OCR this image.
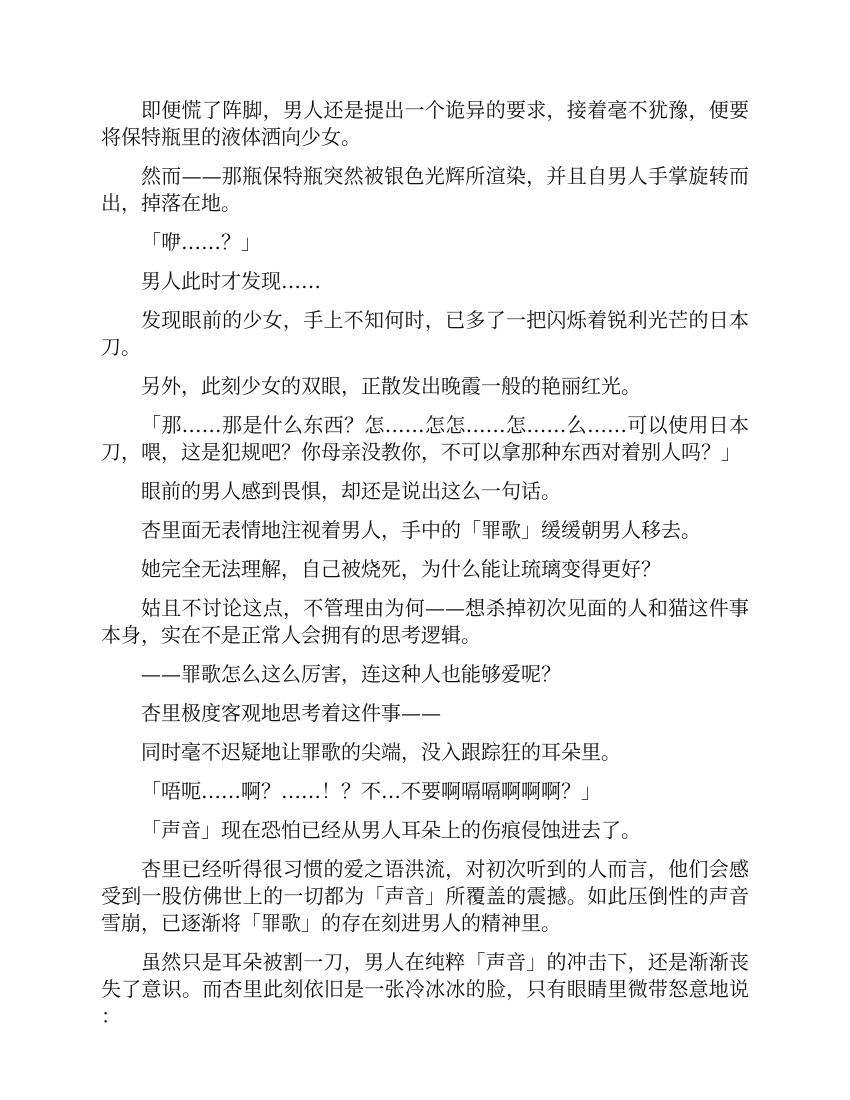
即便慌了阵脚，男人还是提出一个诡异的要求，接着毫不犹豫，便要将保特瓶里的液体洒向少女。

然而——那瓶保特瓶突然被银色光辉所渲染，并且自男人手掌旋转而出，掉落在地。

「咿……？」

男人此时才发现……

发现眼前的少女，手上不知何时，已多了一把闪烁着锐利光芒的日本刀。

另外，此刻少女的双眼，正散发出晚霞一般的艳丽红光。

「那……那是什么东西？怎……怎怎……怎……么……可以使用日本刀，喂，这是犯规吧？你母亲没教你，不可以拿那种东西对着别人吗？」

眼前的男人感到畏惧，却还是说出这么一句话。

杏里面无表情地注视着男人，手中的「罪歌」缓缓朝男人移去。

她完全无法理解，自己被烧死，为什么能让琉璃变得更好？

姑且不讨论这点，不管理由为何——想杀掉初次见面的人和猫这件事本身，实在不是正常人会拥有的思考逻辑。

——罪歌怎么这么厉害，连这种人也能够爱呢？

杏里极度客观地思考着这件事——

同时毫不迟疑地让罪歌的尖端，没入跟踪狂的耳朵里。

「唔呃……啊？……！？不…不要啊嗝嗝啊啊啊？」

「声音」现在恐怕已经从男人耳朵上的伤痕侵蚀进去了。

杏里已经听得很习惯的爱之语洪流，对初次听到的人而言，他们会感受到一股仿佛世上的一切都为「声音」所覆盖的震撼。如此压倒性的声音雪崩，已逐渐将「罪歌」的存在刻进男人的精神里。

虽然只是耳朵被割一刀，男人在纯粹「声音」的冲击下，还是渐渐丧失了意识。而杏里此刻依旧是一张冷冰冰的脸，只有眼睛里微带怒意地说：
